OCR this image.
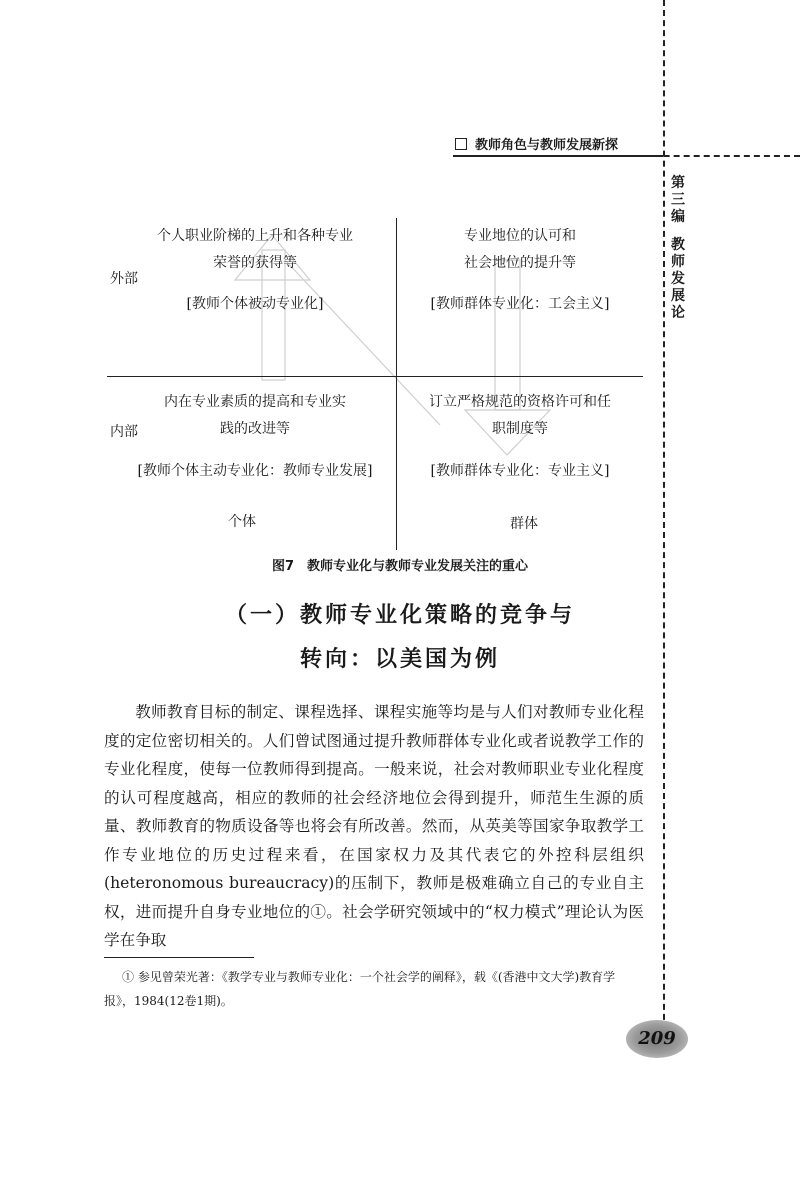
教师角色与教师发展新探
第三编
教师发展论
外部
内部
个体	群体
个人职业阶梯的上升和各种专业
荣誉的获得等
[教师个体被动专业化]
专业地位的认可和
社会地位的提升等
[教师群体专业化：工会主义]
内在专业素质的提高和专业实
践的改进等
[教师个体主动专业化：教师专业发展]
订立严格规范的资格许可和任
职制度等
[教师群体专业化：专业主义]
图7　教师专业化与教师专业发展关注的重心
（一）教师专业化策略的竞争与
转向：以美国为例
教师教育目标的制定、课程选择、课程实施等均是与人们对教师专业化程度的定位密切相关的。人们曾试图通过提升教师群体专业化或者说教学工作的专业化程度，使每一位教师得到提高。一般来说，社会对教师职业专业化程度的认可程度越高，相应的教师的社会经济地位会得到提升，师范生生源的质量、教师教育的物质设备等也将会有所改善。然而，从英美等国家争取教学工作专业地位的历史过程来看，在国家权力及其代表它的外控科层组织(heteronomous bureaucracy)的压制下，教师是极难确立自己的专业自主权，进而提升自身专业地位的①。社会学研究领域中的“权力模式”理论认为医学在争取
① 参见曾荣光著：《教学专业与教师专业化：一个社会学的阐释》，载《(香港中文大学)教育学报》，1984(12卷1期)。
209
